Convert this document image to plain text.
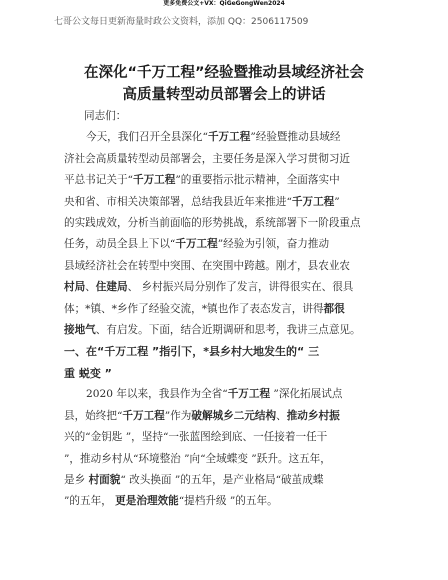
更多免费公文+VX：QiGeGongWen2024
七哥公文每日更新海量时政公文资料，添加 QQ：2506117509
在深化“千万工程”经验暨推动县域经济社会
高质量转型动员部署会上的讲话

同志们：

今天，我们召开全县深化“千万工程”经验暨推动县域经

济社会高质量转型动员部署会，主要任务是深入学习贯彻习近

平总书记关于“千万工程”的重要指示批示精神，全面落实中

央和省、市相关决策部署，总结我县近年来推进“千万工程”

的实践成效，分析当前面临的形势挑战，系统部署下一阶段重点

任务，动员全县上下以“千万工程”经验为引领，奋力推动

县域经济社会在转型中突围、在突围中跨越。刚才，县农业农

村局、住建局、 乡村振兴局分别作了发言，讲得很实在、很具

体；*镇、*乡作了经验交流，*镇也作了表态发言，讲得都很

接地气、有启发。下面，结合近期调研和思考，我讲三点意见。

一、在“千万工程 ”指引下，*县乡村大地发生的“ 三
重 蜕变 ”

2020 年以来，我县作为全省“千万工程 ”深化拓展试点

县，始终把“千万工程”作为破解城乡二元结构、推动乡村振

兴的“金钥匙 ”，坚持“一张蓝图绘到底、一任接着一任干

”，推动乡村从“环境整治 ”向“全域蝶变 ”跃升。这五年，

是乡 村面貌“ 改头换面 ”的五年，是产业格局“破茧成蝶

”的五年， 更是治理效能“提档升级 ”的五年。
